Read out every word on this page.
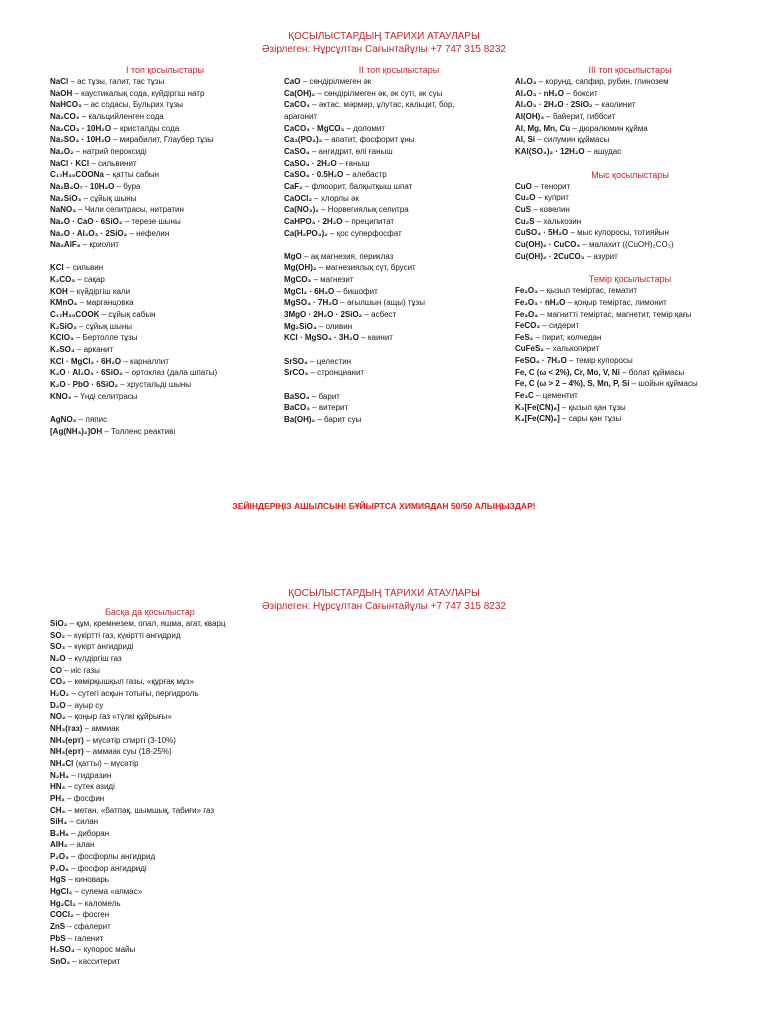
ҚОСЫЛЫСТАРДЫҢ ТАРИХИ АТАУЛАРЫ
Әзірлеген: Нұрсұлтан Сағынтайұлы +7 747 315 8232
I топ қосылыстары
NaCl – ас тұзы, галит, тас тұзы
NaOH – каустикалық сода, күйдіргіш натр
NaHCO₃ – ас содасы, Бульрих тұзы
Na₂CO₃ – кальцийленген сода
Na₂CO₃ · 10H₂O – кристалды сода
Na₂SO₄ · 10H₂O – мирабилит, Глаубер тұзы
Na₂O₂ – натрий пероксиді
NaCl · KCl – сильвинит
C₁₇H₃₅COONa – қатты сабын
Na₂B₄O₇ · 10H₂O – бура
Na₂SiO₃ – сұйық шыны
NaNO₃ – Чили селитрасы, нитратин
Na₂O · CaO · 6SiO₂ – терезе шыны
Na₂O · Al₂O₃ · 2SiO₂ – нефелин
Na₃AlF₆ – криолит
KCl – сильвин
K₂CO₃ – сақар
KOH – күйдіргіш кали
KMnO₄ – марганцовка
C₁₇H₃₅COOK – сұйық сабын
K₂SiO₃ – сұйық шыны
KClO₃ – Бертолле тұзы
K₂SO₄ – арканит
KCl · MgCl₂ · 6H₂O – карналлит
K₂O · Al₂O₃ · 6SiO₂ – ортоклаз (дала шпаты)
K₂O · PbO · 6SiO₂ – хрустальді шыны
KNO₃ – Үнді селитрасы
AgNO₃ – ляпис
[Ag(NH₃)₂]OH – Толленс реактиві
II топ қосылыстары
CaO – сөндірілмеген әк
Ca(OH)₂ – сөндірілмеген әк, әк суті, әк суы
CaCO₃ – әктас, мәрмәр, ұлутас, кальцит, бор,
арагонит
CaCO₃ · MgCO₃ – доломит
Ca₃(PO₄)₂ – апатит, фосфорит ұны
CaSO₄ – ангидрит, өлі ғаныш
CaSO₄ · 2H₂O – ғаныш
CaSO₄ · 0.5H₂O – алебастр
CaF₂ – флюорит, балқытқыш шпат
CaOCl₂ – хлорлы әк
Ca(NO₃)₂ – Норвегиялық селитра
CaHPO₄ · 2H₂O – преципитат
Ca(H₂PO₄)₂ – қос суперфосфат
MgO – ақ магнезия, периклаз
Mg(OH)₂ – магнезиялық сүт, брусит
MgCO₃ – магнезит
MgCl₂ · 6H₂O – бишофит
MgSO₄ · 7H₂O – ағылшын (ащы) тұзы
3MgO · 2H₂O · 2SiO₂ – асбест
Mg₂SiO₄ – оливин
KCl · MgSO₄ · 3H₂O – каинит
SrSO₄ – целестин
SrCO₃ – стронцианит
BaSO₄ – барит
BaCO₃ – витерит
Ba(OH)₂ – барит суы
III топ қосылыстары
Al₂O₃ – корунд, сапфир, рубин, глинозем
Al₂O₃ · nH₂O – боксит
Al₂O₃ · 2H₂O · 2SiO₂ – каолинит
Al(OH)₃ – байерит, гиббсит
Al, Mg, Mn, Cu – дюралюмин құйма
Al, Si – силумин құймасы
KAl(SO₄)₂ · 12H₂O – ашудас
Мыс қосылыстары
CuO – тенорит
Cu₂O – куприт
CuS – ковелин
Cu₂S – халькозин
CuSO₄ · 5H₂O – мыс купоросы, тотияйын
Cu(OH)₂ · CuCO₃ – малахит ((CuOH)₂CO₃)
Cu(OH)₂ · 2CuCO₃ – азурит
Темір қосылыстары
Fe₂O₃ – қызыл теміртас, гематит
Fe₂O₃ · nH₂O – қоңыр теміртас, лимонит
Fe₃O₄ – магнитті теміртас, магнетит, темір қағы
FeCO₃ – сидерит
FeS₂ – пирит, колчедан
CuFeS₂ – халькопирит
FeSO₄ · 7H₂O – темір купоросы
Fe, C (ω < 2%), Cr, Mo, V, Ni – болат құймасы
Fe, C (ω > 2 – 4%), S, Mn, P, Si – шойын құймасы
Fe₃C – цементит
K₃[Fe(CN)₆] – қызыл қан тұзы
K₄[Fe(CN)₆] – сары қан тұзы
ЗЕЙІНДЕРІҢІЗ АШЫЛСЫН! БҰЙЫРТСА ХИМИЯДАН 50/50 АЛЫҢЫЗДАР!
ҚОСЫЛЫСТАРДЫҢ ТАРИХИ АТАУЛАРЫ
Әзірлеген: Нұрсұлтан Сағынтайұлы +7 747 315 8232
Басқа да қосылыстар
SiO₂ – құм, кремнезем, опал, яшма, агат, кварц
SO₂ – күкіртті газ, күкіртті ангидрид
SO₃ – күкірт ангидриді
N₂O – күлдіргіш газ
CO – иіс газы
CO₂ – көмірқышқыл газы, «құрғақ мұз»
H₂O₂ – сутегі асқын тотығы, пергидроль
D₂O – ауыр су
NO₂ – қоңыр газ «түлкі құйрығы»
NH₃(газ) – аммиак
NH₃(ерт) – мүсәтір спирті (3-10%)
NH₃(ерт) – аммиак суы (18-25%)
NH₄Cl (қатты) – мүсәтір
N₂H₄ – гидразин
HN₃ – сутек азиді
PH₃ – фосфин
CH₄ – метан, «батпақ, шымшық, табиғи» газ
SiH₄ – силан
B₂H₆ – диборан
AlH₃ – алан
P₂O₃ – фосфорлы ангидрид
P₂O₅ – фосфор ангидриді
HgS – киноварь
HgCl₂ – сулема «алмас»
Hg₂Cl₂ – каломель
COCl₂ – фосген
ZnS – сфалерит
PbS – галенит
H₂SO₄ – купорос майы
SnO₂ – касситерит
